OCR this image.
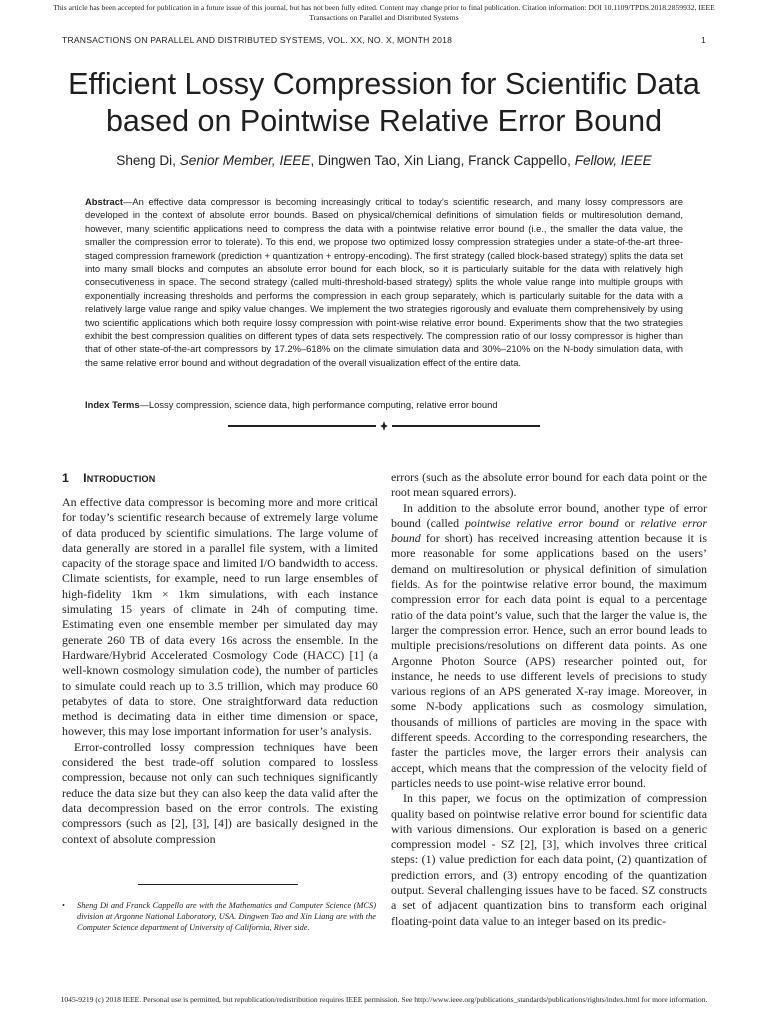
This article has been accepted for publication in a future issue of this journal, but has not been fully edited. Content may change prior to final publication. Citation information: DOI 10.1109/TPDS.2018.2859932, IEEE
Transactions on Parallel and Distributed Systems
TRANSACTIONS ON PARALLEL AND DISTRIBUTED SYSTEMS, VOL. XX, NO. X, MONTH 2018	1
Efficient Lossy Compression for Scientific Data
based on Pointwise Relative Error Bound
Sheng Di, Senior Member, IEEE, Dingwen Tao, Xin Liang, Franck Cappello, Fellow, IEEE
Abstract—An effective data compressor is becoming increasingly critical to today’s scientific research, and many lossy compressors are developed in the context of absolute error bounds. Based on physical/chemical definitions of simulation fields or multiresolution demand, however, many scientific applications need to compress the data with a pointwise relative error bound (i.e., the smaller the data value, the smaller the compression error to tolerate). To this end, we propose two optimized lossy compression strategies under a state-of-the-art three-staged compression framework (prediction + quantization + entropy-encoding). The first strategy (called block-based strategy) splits the data set into many small blocks and computes an absolute error bound for each block, so it is particularly suitable for the data with relatively high consecutiveness in space. The second strategy (called multi-threshold-based strategy) splits the whole value range into multiple groups with exponentially increasing thresholds and performs the compression in each group separately, which is particularly suitable for the data with a relatively large value range and spiky value changes. We implement the two strategies rigorously and evaluate them comprehensively by using two scientific applications which both require lossy compression with point-wise relative error bound. Experiments show that the two strategies exhibit the best compression qualities on different types of data sets respectively. The compression ratio of our lossy compressor is higher than that of other state-of-the-art compressors by 17.2%–618% on the climate simulation data and 30%–210% on the N-body simulation data, with the same relative error bound and without degradation of the overall visualization effect of the entire data.
Index Terms—Lossy compression, science data, high performance computing, relative error bound
1 Introduction

An effective data compressor is becoming more and more critical for today’s scientific research because of extremely large volume of data produced by scientific simulations. The large volume of data generally are stored in a parallel file system, with a limited capacity of the storage space and limited I/O bandwidth to access. Climate scientists, for example, need to run large ensembles of high-fidelity 1km × 1km simulations, with each instance simulating 15 years of climate in 24h of computing time. Estimating even one ensemble member per simulated day may generate 260 TB of data every 16s across the ensemble. In the Hardware/Hybrid Accelerated Cosmology Code (HACC) [1] (a well-known cosmology simulation code), the number of particles to simulate could reach up to 3.5 trillion, which may produce 60 petabytes of data to store. One straightforward data reduction method is decimating data in either time dimension or space, however, this may lose important information for user’s analysis.

Error-controlled lossy compression techniques have been considered the best trade-off solution compared to lossless compression, because not only can such techniques significantly reduce the data size but they can also keep the data valid after the data decompression based on the error controls. The existing compressors (such as [2], [3], [4]) are basically designed in the context of absolute compression

errors (such as the absolute error bound for each data point or the root mean squared errors).

In addition to the absolute error bound, another type of error bound (called pointwise relative error bound or relative error bound for short) has received increasing attention because it is more reasonable for some applications based on the users’ demand on multiresolution or physical definition of simulation fields. As for the pointwise relative error bound, the maximum compression error for each data point is equal to a percentage ratio of the data point’s value, such that the larger the value is, the larger the compression error. Hence, such an error bound leads to multiple precisions/resolutions on different data points. As one Argonne Photon Source (APS) researcher pointed out, for instance, he needs to use different levels of precisions to study various regions of an APS generated X-ray image. Moreover, in some N-body applications such as cosmology simulation, thousands of millions of particles are moving in the space with different speeds. According to the corresponding researchers, the faster the particles move, the larger errors their analysis can accept, which means that the compression of the velocity field of particles needs to use point-wise relative error bound.

In this paper, we focus on the optimization of compression quality based on pointwise relative error bound for scientific data with various dimensions. Our exploration is based on a generic compression model - SZ [2], [3], which involves three critical steps: (1) value prediction for each data point, (2) quantization of prediction errors, and (3) entropy encoding of the quantization output. Several challenging issues have to be faced. SZ constructs a set of adjacent quantization bins to transform each original floating-point data value to an integer based on its predic-

• Sheng Di and Franck Cappello are with the Mathematics and Computer Science (MCS) division at Argonne National Laboratory, USA. Dingwen Tao and Xin Liang are with the Computer Science department of University of California, River side.
1045-9219 (c) 2018 IEEE. Personal use is permitted, but republication/redistribution requires IEEE permission. See http://www.ieee.org/publications_standards/publications/rights/index.html for more information.
